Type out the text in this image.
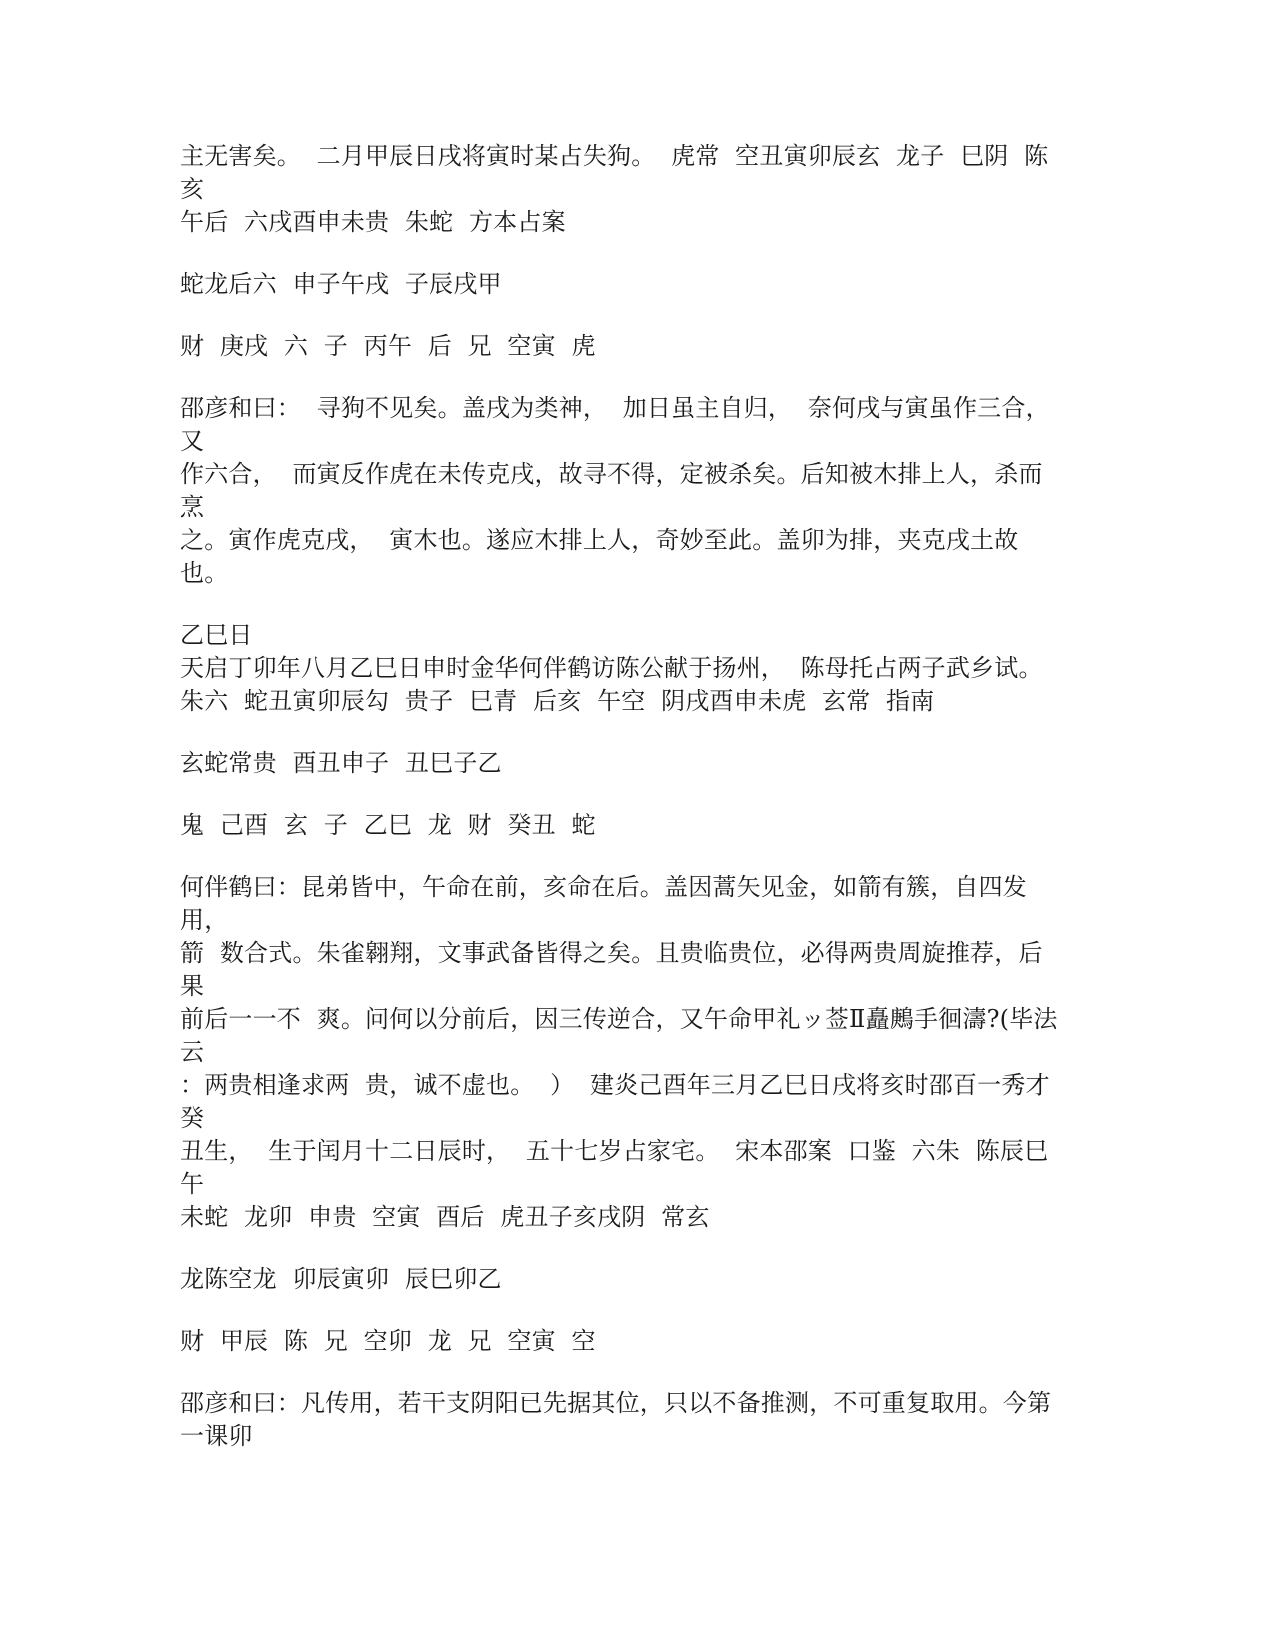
主无害矣。  二月甲辰日戌将寅时某占失狗。  虎常  空丑寅卯辰玄  龙子  巳阴  陈亥

午后  六戌酉申未贵  朱蛇  方本占案

蛇龙后六  申子午戌  子辰戌甲

财  庚戌  六  子  丙午  后  兄  空寅  虎

邵彦和曰：  寻狗不见矣。盖戌为类神，  加日虽主自归，  奈何戌与寅虽作三合，又

作六合，  而寅反作虎在未传克戌，故寻不得，定被杀矣。后知被木排上人，杀而烹

之。寅作虎克戌，  寅木也。遂应木排上人，奇妙至此。盖卯为排，夹克戌土故也。

乙巳日

天启丁卯年八月乙巳日申时金华何伴鹤访陈公献于扬州，  陈母托占两子武乡试。

朱六  蛇丑寅卯辰勾  贵子  巳青  后亥  午空  阴戌酉申未虎  玄常  指南

玄蛇常贵  酉丑申子  丑巳子乙

鬼  己酉  玄  子  乙巳  龙  财  癸丑  蛇

何伴鹤曰：昆弟皆中，午命在前，亥命在后。盖因蒿矢见金，如箭有簇，自四发用，

箭  数合式。朱雀翱翔，文事武备皆得之矣。且贵临贵位，必得两贵周旋推荐，后果

前后一一不  爽。问何以分前后，因三传逆合，又午命甲礼ッ莶Ⅱ矗鶊手徊濤?(毕法云

：两贵相逢求两  贵，诚不虚也。  ）  建炎己酉年三月乙巳日戌将亥时邵百一秀才癸

丑生，  生于闰月十二日辰时，  五十七岁占家宅。  宋本邵案  口鉴  六朱  陈辰巳午

未蛇  龙卯  申贵  空寅  酉后  虎丑子亥戌阴  常玄

龙陈空龙  卯辰寅卯  辰巳卯乙

财  甲辰  陈  兄  空卯  龙  兄  空寅  空

邵彦和曰：凡传用，若干支阴阳已先据其位，只以不备推测，不可重复取用。今第

一课卯
